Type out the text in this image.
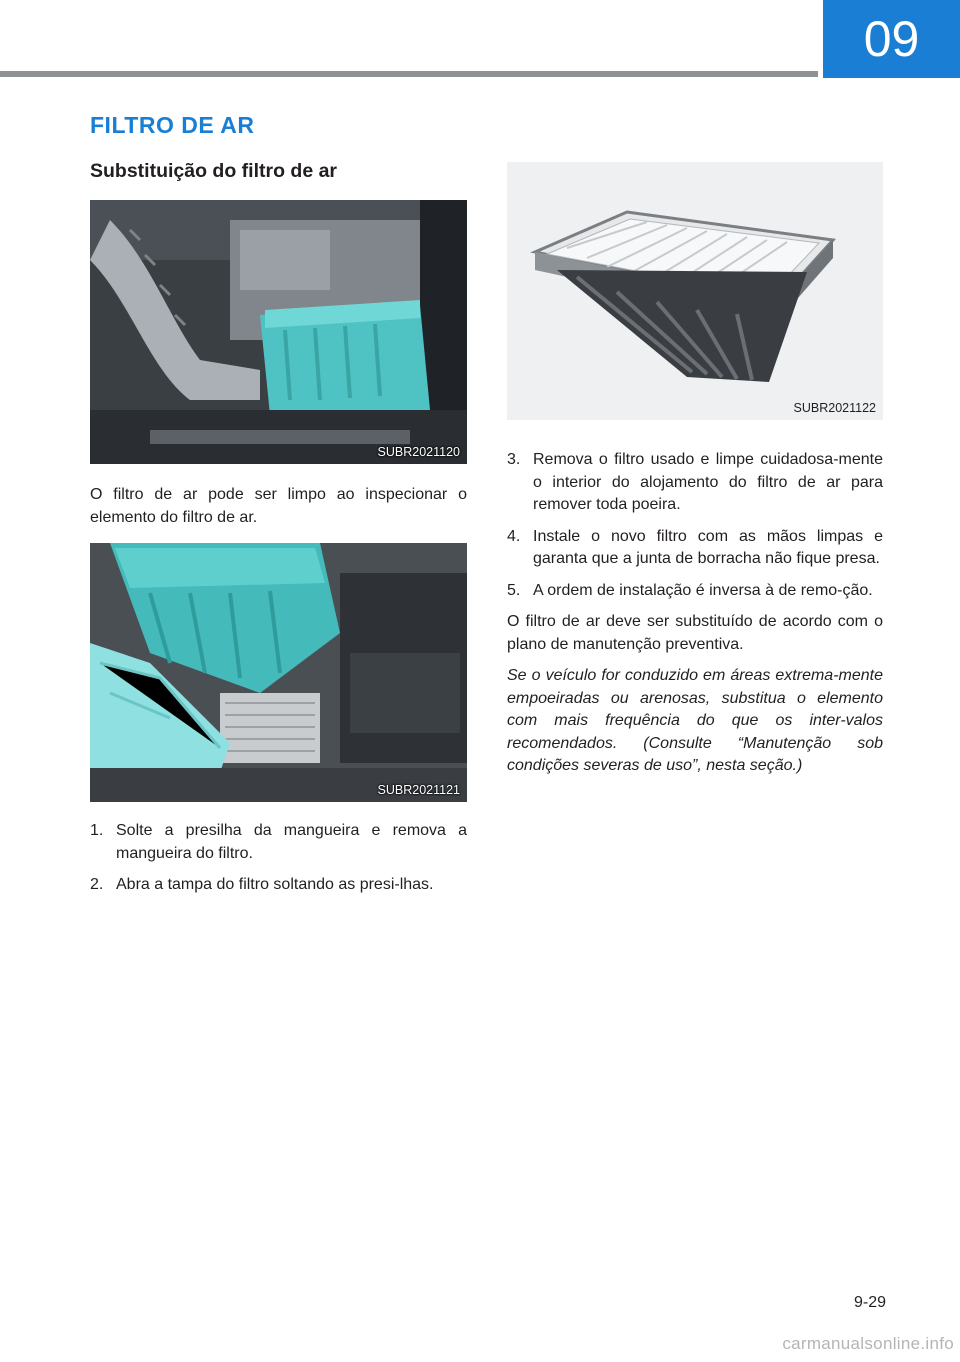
09
FILTRO DE AR
Substituição do filtro de ar
SUBR2021120

O filtro de ar pode ser limpo ao inspecionar o elemento do filtro de ar.

SUBR2021121
1. Solte a presilha da mangueira e remova a mangueira do filtro.
2. Abra a tampa do filtro soltando as presi-lhas.
SUBR2021122
3. Remova o filtro usado e limpe cuidadosa-mente o interior do alojamento do filtro de ar para remover toda poeira.
4. Instale o novo filtro com as mãos limpas e garanta que a junta de borracha não fique presa.
5. A ordem de instalação é inversa à de remo-ção.

O filtro de ar deve ser substituído de acordo com o plano de manutenção preventiva.

Se o veículo for conduzido em áreas extrema-mente empoeiradas ou arenosas, substitua o elemento com mais frequência do que os inter-valos recomendados. (Consulte “Manutenção sob condições severas de uso”, nesta seção.)

9-29
carmanualsonline.info
